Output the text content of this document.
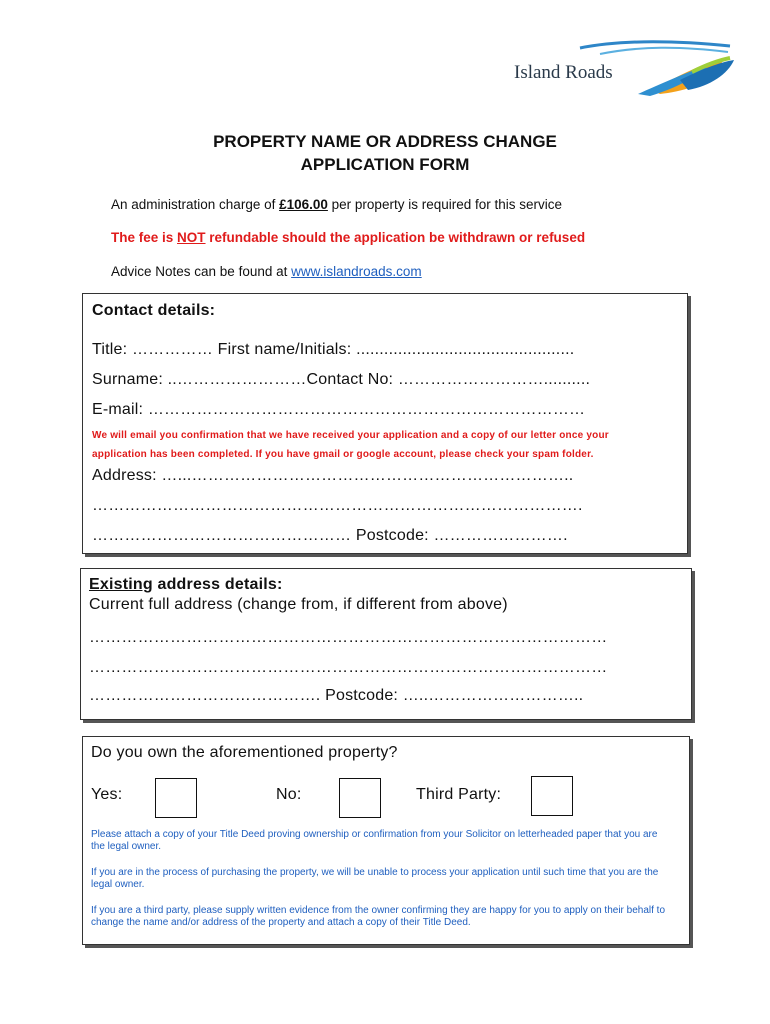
Island Roads
PROPERTY NAME OR ADDRESS CHANGE
APPLICATION FORM
An administration charge of £106.00 per property is required for this service
The fee is NOT refundable should the application be withdrawn or refused
Advice Notes can be found at www.islandroads.com
Contact details:
Title: …………… First name/Initials: ...............................................
Surname: ..……………………Contact No: ………………………..........
E-mail: ………………………………………………………………………
We will email you confirmation that we have received your application and a copy of our letter once your
application has been completed. If you have gmail or google account, please check your spam folder.
Address: …...……………………………………………………………..
……………………………………………………………………………….
………………………………………… Postcode: …………………….
Existing address details:
Current full address (change from, if different from above)
……………………………………………………………………………………
……………………………………………………………………………………
……………………………………. Postcode: …..………………………..
Do you own the aforementioned property?
Yes:	No:	Third Party:
Please attach a copy of your Title Deed proving ownership or confirmation from your Solicitor on letterheaded paper that you are the legal owner.
If you are in the process of purchasing the property, we will be unable to process your application until such time that you are the legal owner.
If you are a third party, please supply written evidence from the owner confirming they are happy for you to apply on their behalf to change the name and/or address of the property and attach a copy of their Title Deed.
